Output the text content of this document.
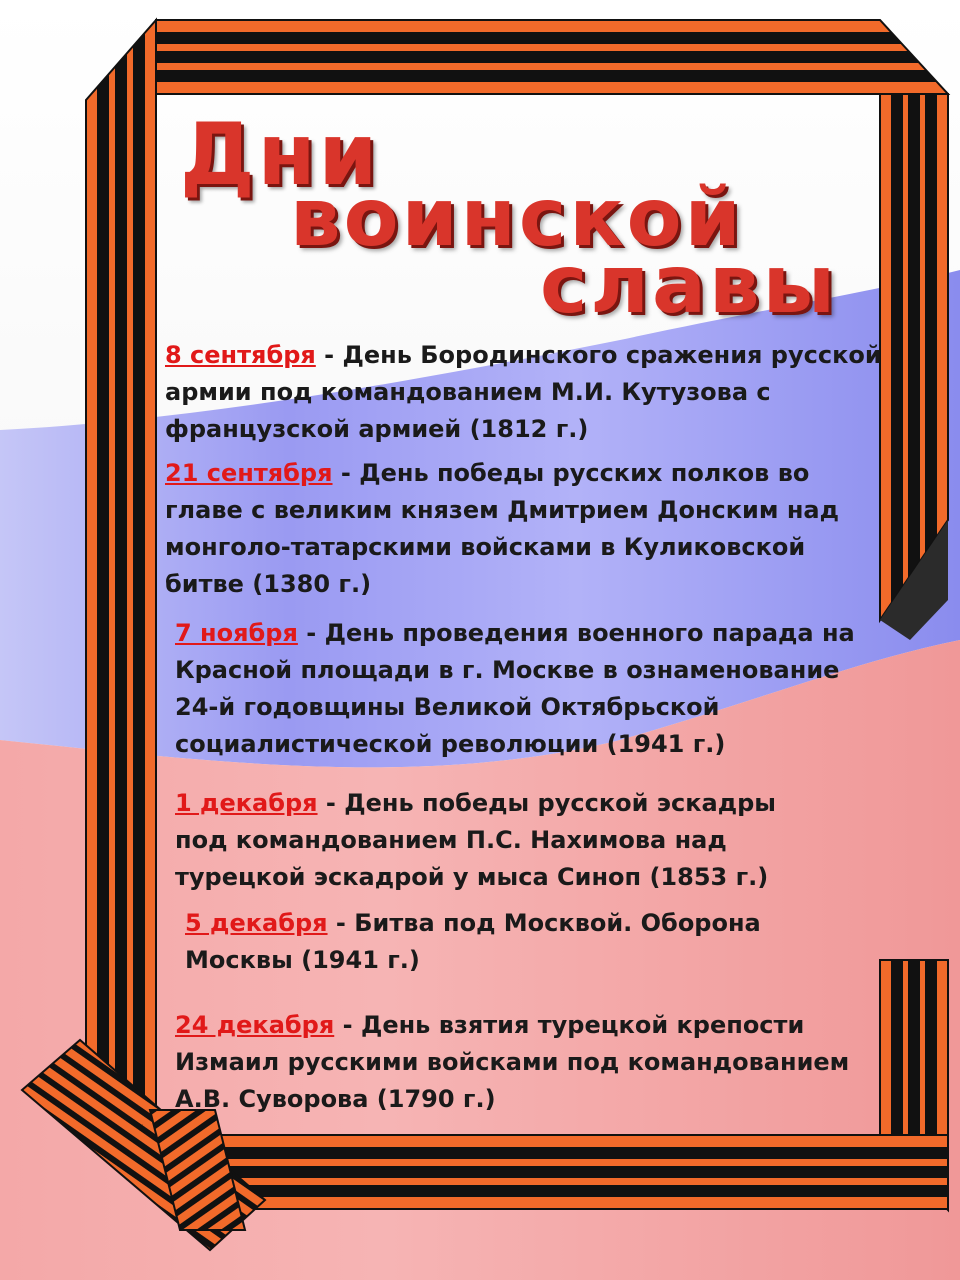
Дни
воинской
славы

8 сентября - День Бородинского сражения русской армии под командованием М.И. Кутузова с французской армией (1812 г.)

21 сентября - День победы русских полков во главе с великим князем Дмитрием Донским над монголо-татарскими войсками в Куликовской битве (1380 г.)

7 ноября - День проведения военного парада на Красной площади в г. Москве в ознаменование 24-й годовщины Великой Октябрьской социалистической революции (1941 г.)

1 декабря - День победы русской эскадры под командованием П.С. Нахимова над турецкой эскадрой у мыса Синоп (1853 г.)

5 декабря - Битва под Москвой. Оборона Москвы (1941 г.)

24 декабря - День взятия турецкой крепости Измаил русскими войсками под командованием А.В. Суворова (1790 г.)
